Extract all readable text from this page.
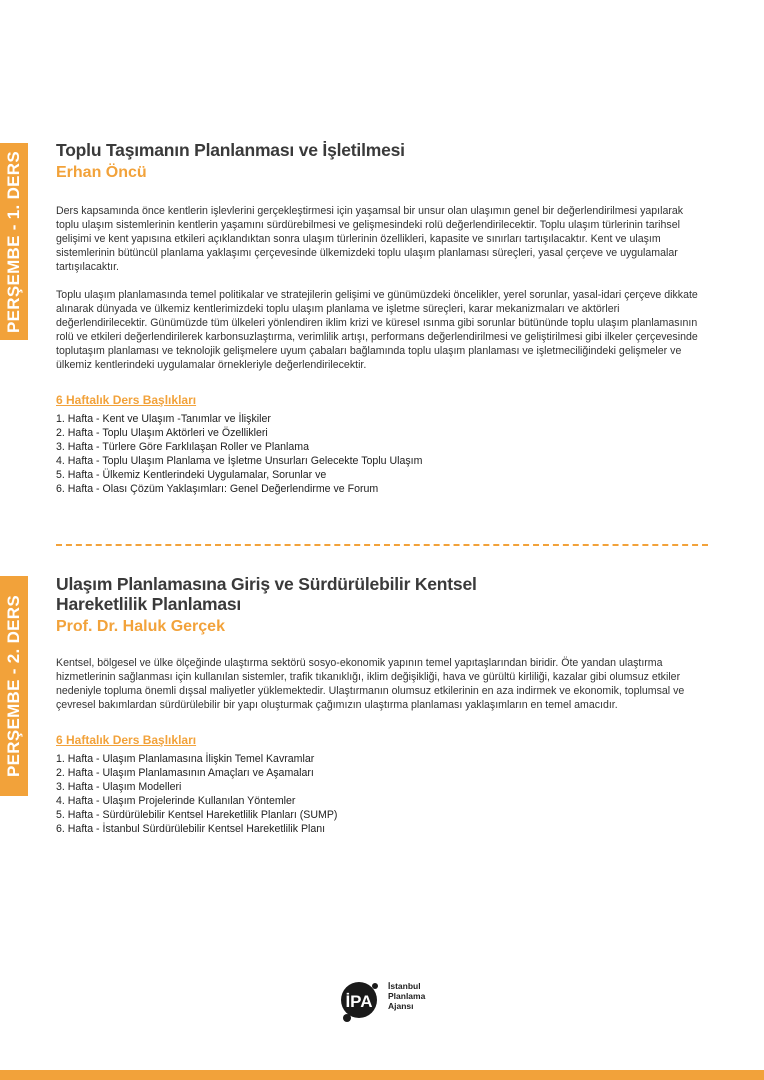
PERŞEMBE - 1. DERS
PERŞEMBE - 2. DERS
Toplu Taşımanın Planlanması ve İşletilmesi

Erhan Öncü

Ders kapsamında önce kentlerin işlevlerini gerçekleştirmesi için yaşamsal bir unsur olan ulaşımın genel bir değerlendirilmesi yapılarak toplu ulaşım sistemlerinin kentlerin yaşamını sürdürebilmesi ve gelişmesindeki rolü değerlendirilecektir. Toplu ulaşım türlerinin tarihsel gelişimi ve kent yapısına etkileri açıklandıktan sonra ulaşım türlerinin özellikleri, kapasite ve sınırları tartışılacaktır. Kent ve ulaşım sistemlerinin bütüncül planlama yaklaşımı çerçevesinde ülkemizdeki toplu ulaşım planlaması süreçleri, yasal çerçeve ve uygulamalar tartışılacaktır.

Toplu ulaşım planlamasında temel politikalar ve stratejilerin gelişimi ve günümüzdeki öncelikler, yerel sorunlar, yasal-idari çerçeve dikkate alınarak dünyada ve ülkemiz kentlerimizdeki toplu ulaşım planlama ve işletme süreçleri, karar mekanizmaları ve aktörleri değerlendirilecektir. Günümüzde tüm ülkeleri yönlendiren iklim krizi ve küresel ısınma gibi sorunlar bütününde toplu ulaşım planlamasının rolü ve etkileri değerlendirilerek karbonsuzlaştırma, verimlilik artışı, performans değerlendirilmesi ve geliştirilmesi gibi ilkeler çerçevesinde toplutaşım planlaması ve teknolojik gelişmelere uyum çabaları bağlamında toplu ulaşım planlaması ve işletmeciliğindeki gelişmeler ve ülkemiz kentlerindeki uygulamalar örnekleriyle değerlendirilecektir.

6 Haftalık Ders Başlıkları

1. Hafta - Kent ve Ulaşım -Tanımlar ve İlişkiler
2. Hafta - Toplu Ulaşım Aktörleri ve Özellikleri
3. Hafta - Türlere Göre Farklılaşan Roller ve Planlama
4. Hafta - Toplu Ulaşım Planlama ve İşletme Unsurları Gelecekte Toplu Ulaşım
5. Hafta - Ülkemiz Kentlerindeki Uygulamalar, Sorunlar ve
6. Hafta - Olası Çözüm Yaklaşımları: Genel Değerlendirme ve Forum
Ulaşım Planlamasına Giriş ve Sürdürülebilir Kentsel
Hareketlilik Planlaması

Prof. Dr. Haluk Gerçek

Kentsel, bölgesel ve ülke ölçeğinde ulaştırma sektörü sosyo-ekonomik yapının temel yapıtaşlarından biridir. Öte yandan ulaştırma hizmetlerinin sağlanması için kullanılan sistemler, trafik tıkanıklığı, iklim değişikliği, hava ve gürültü kirliliği, kazalar gibi olumsuz etkiler nedeniyle topluma önemli dışsal maliyetler yüklemektedir. Ulaştırmanın olumsuz etkilerinin en aza indirmek ve ekonomik, toplumsal ve çevresel bakımlardan sürdürülebilir bir yapı oluşturmak çağımızın ulaştırma planlaması yaklaşımların en temel amacıdır.

6 Haftalık Ders Başlıkları

1. Hafta - Ulaşım Planlamasına İlişkin Temel Kavramlar
2. Hafta - Ulaşım Planlamasının Amaçları ve Aşamaları
3. Hafta - Ulaşım Modelleri
4. Hafta - Ulaşım Projelerinde Kullanılan Yöntemler
5. Hafta - Sürdürülebilir Kentsel Hareketlilik Planları (SUMP)
6. Hafta - İstanbul Sürdürülebilir Kentsel Hareketlilik Planı
İPA
İstanbul
Planlama
Ajansı
